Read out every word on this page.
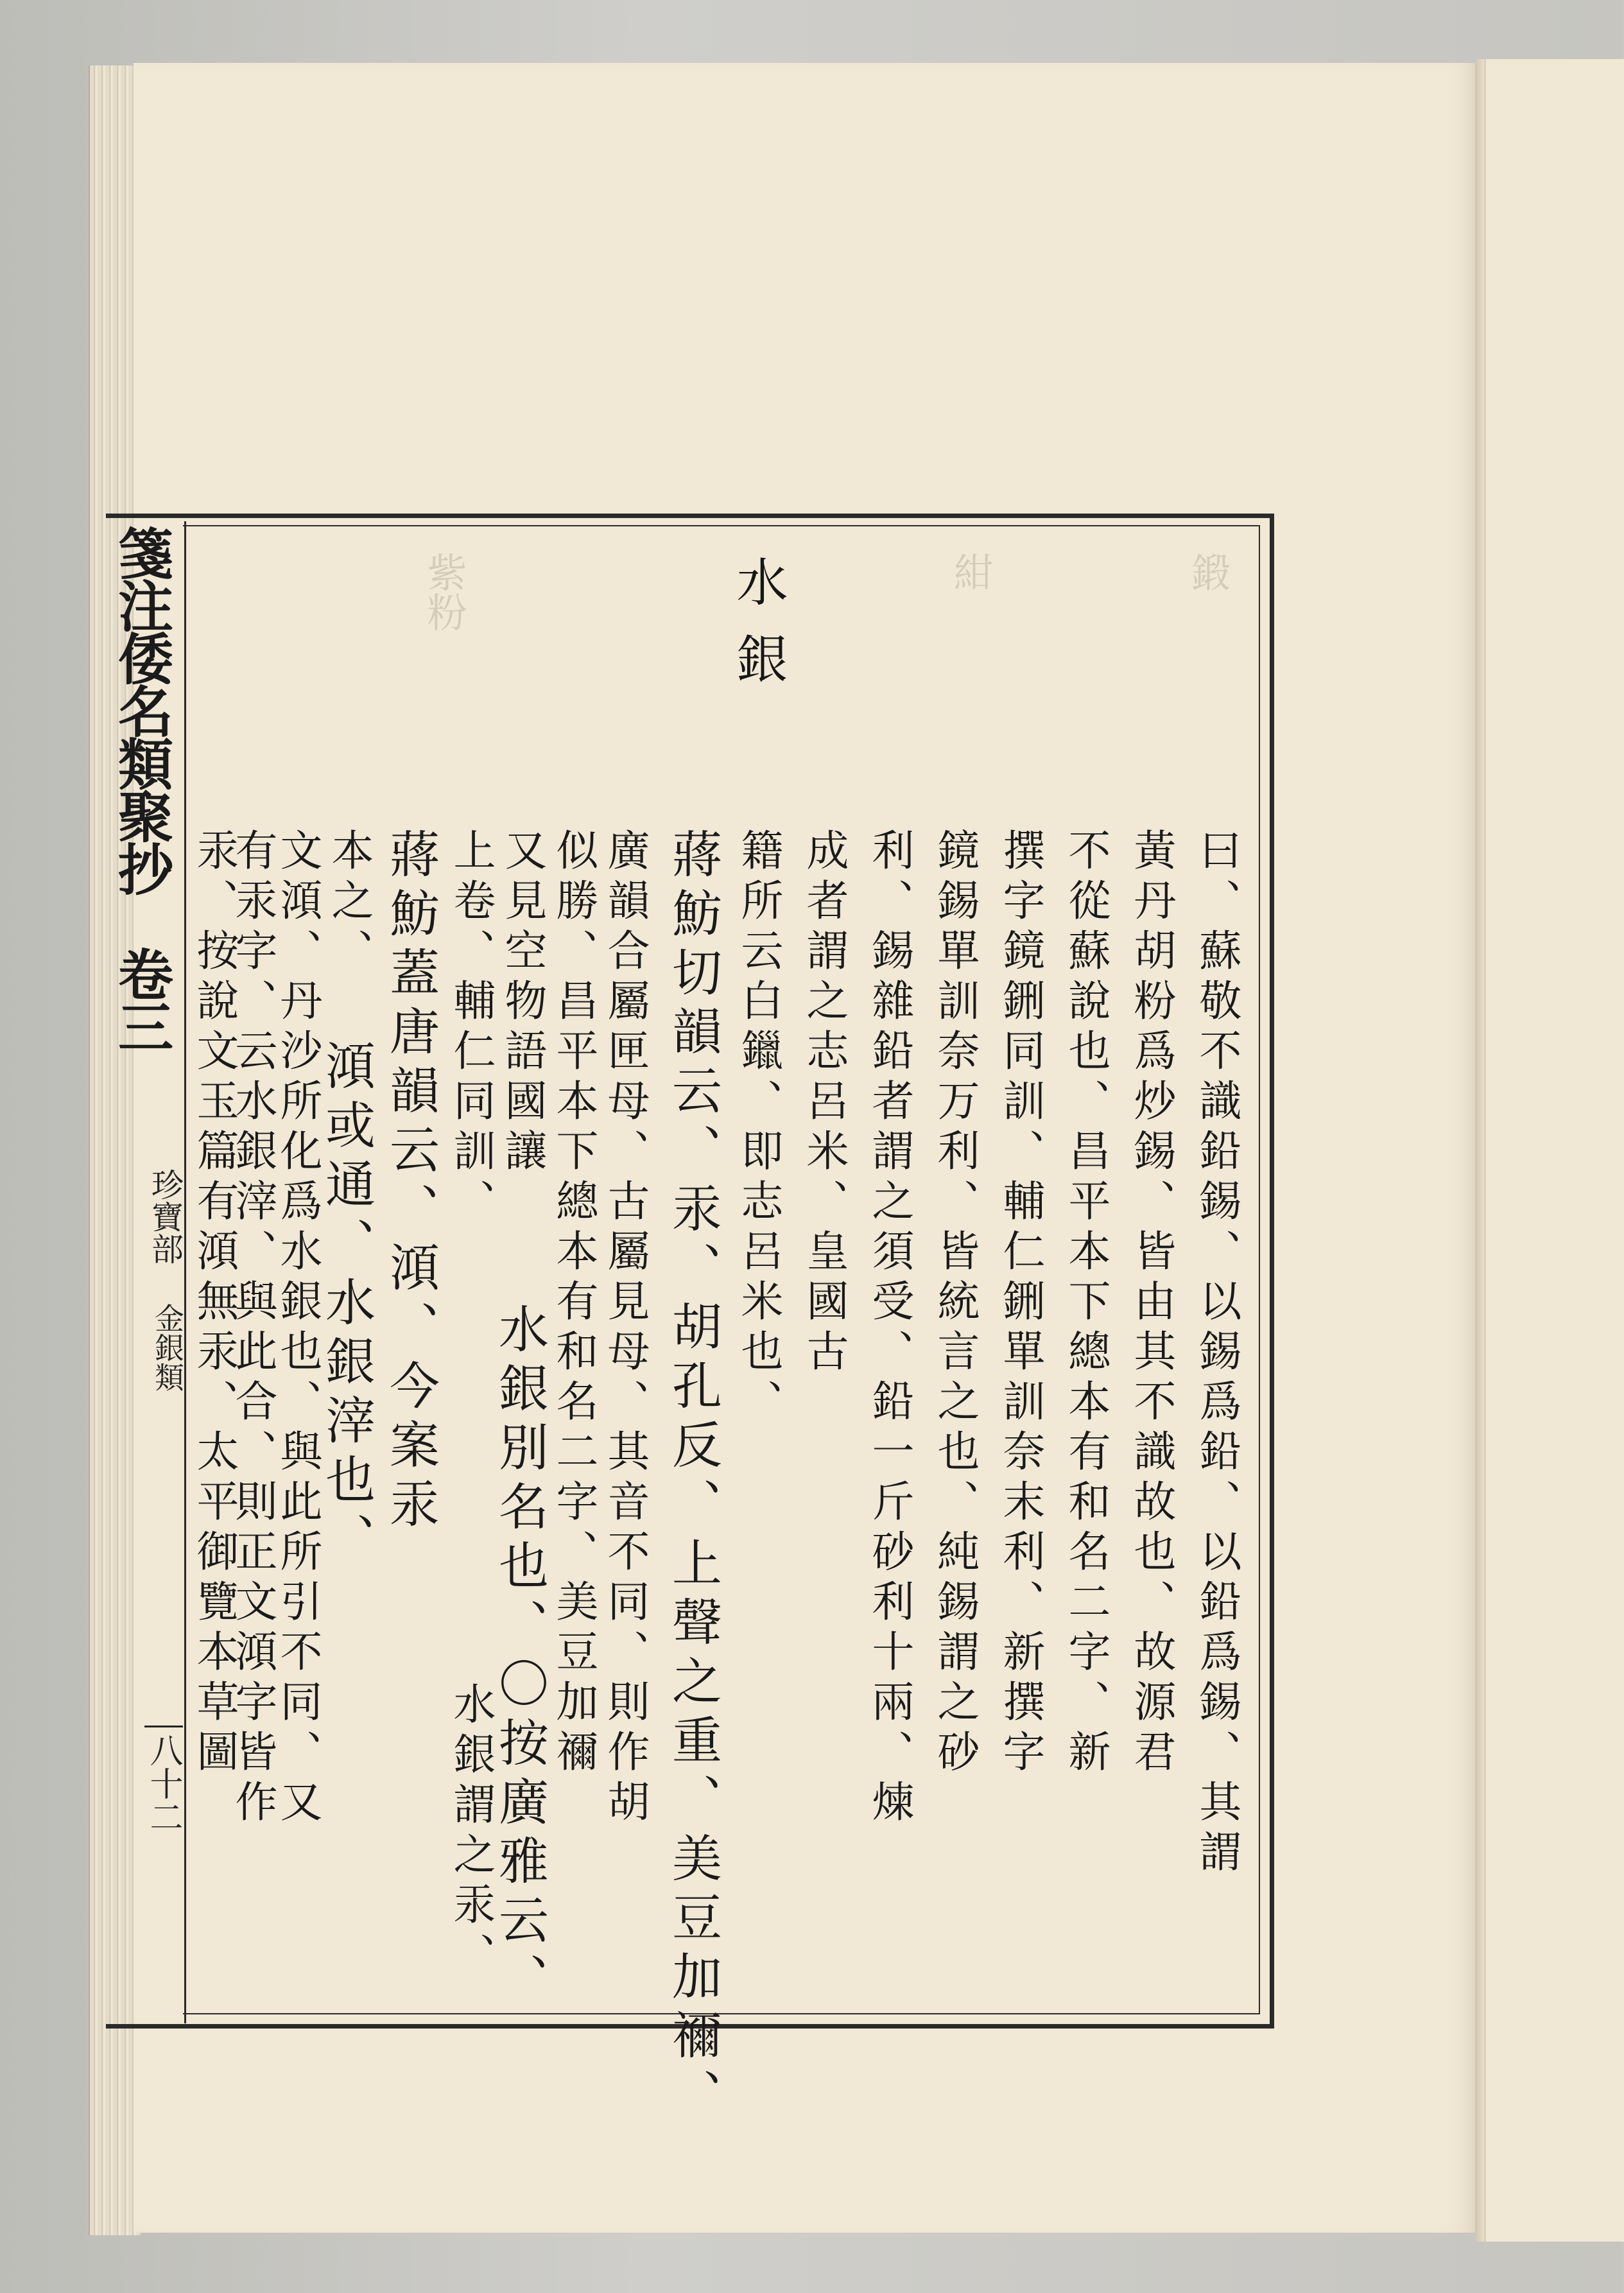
鍛
紺
紫粉
箋注倭名類聚抄　卷三
珍寶部
金銀類
八十二
水銀
曰、蘇敬不識鉛錫、以錫爲鉛、以鉛爲錫、其謂
黃丹胡粉爲炒錫、皆由其不識故也、故源君
不從蘇說也、昌平本下總本有和名二字、新
撰字鏡鉶同訓、輔仁鉶單訓奈末利、新撰字
鏡錫單訓奈万利、皆統言之也、純錫謂之砂
利、錫雜鉛者謂之須受、鉛一斤砂利十兩、煉
成者謂之志呂米、皇國古
籍所云白鑞、即志呂米也、
蔣魴切韻云、汞、胡孔反、上聲之重、美豆加禰、
廣韻合屬匣母、古屬見母、其音不同、則作胡
似勝、昌平本下總本有和名二字、美豆加禰
又見空物語國讓
水銀別名也、〇按廣雅云、
上卷、輔仁同訓、
水銀謂之汞、
蔣魴蓋唐韻云、澒、今案汞
本之、
澒或通、水銀滓也、
文澒、丹沙所化爲水銀也、與此所引不同、又
有汞字、云水銀滓、與此合、則正文澒字皆作
汞、按說文玉篇有澒無汞、太平御覽本草圖
